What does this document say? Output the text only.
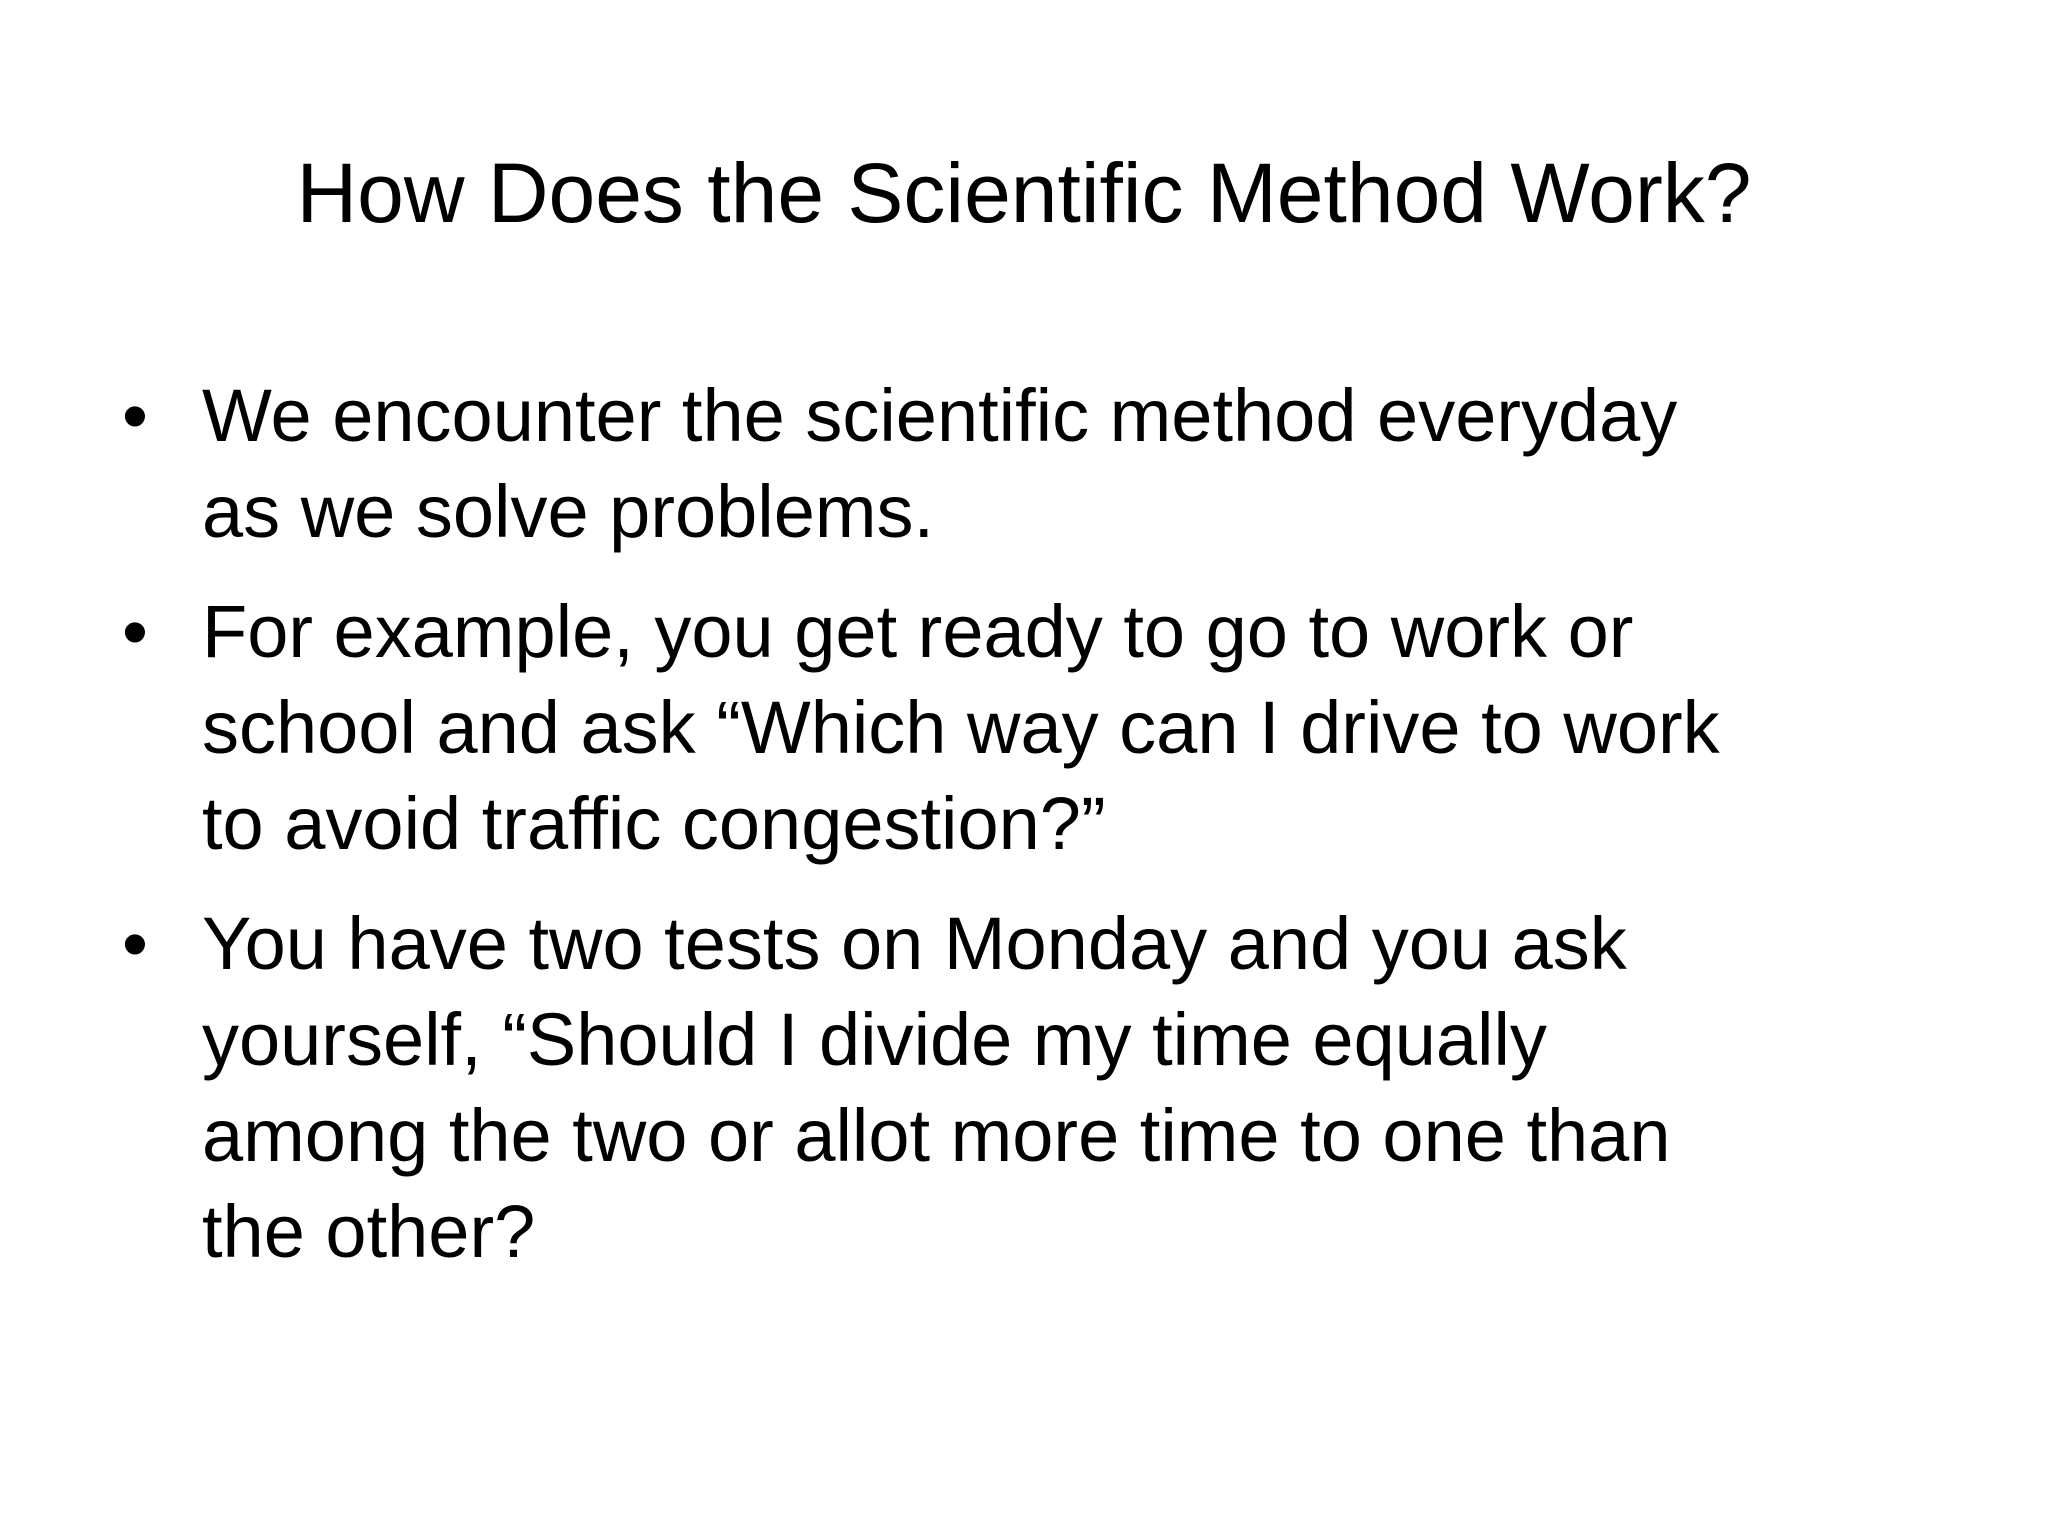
How Does the Scientific Method Work?
• We encounter the scientific method everyday
as we solve problems.
• For example, you get ready to go to work or
school and ask “Which way can I drive to work
to avoid traffic congestion?”
• You have two tests on Monday and you ask
yourself, “Should I divide my time equally
among the two or allot more time to one than
the other?
